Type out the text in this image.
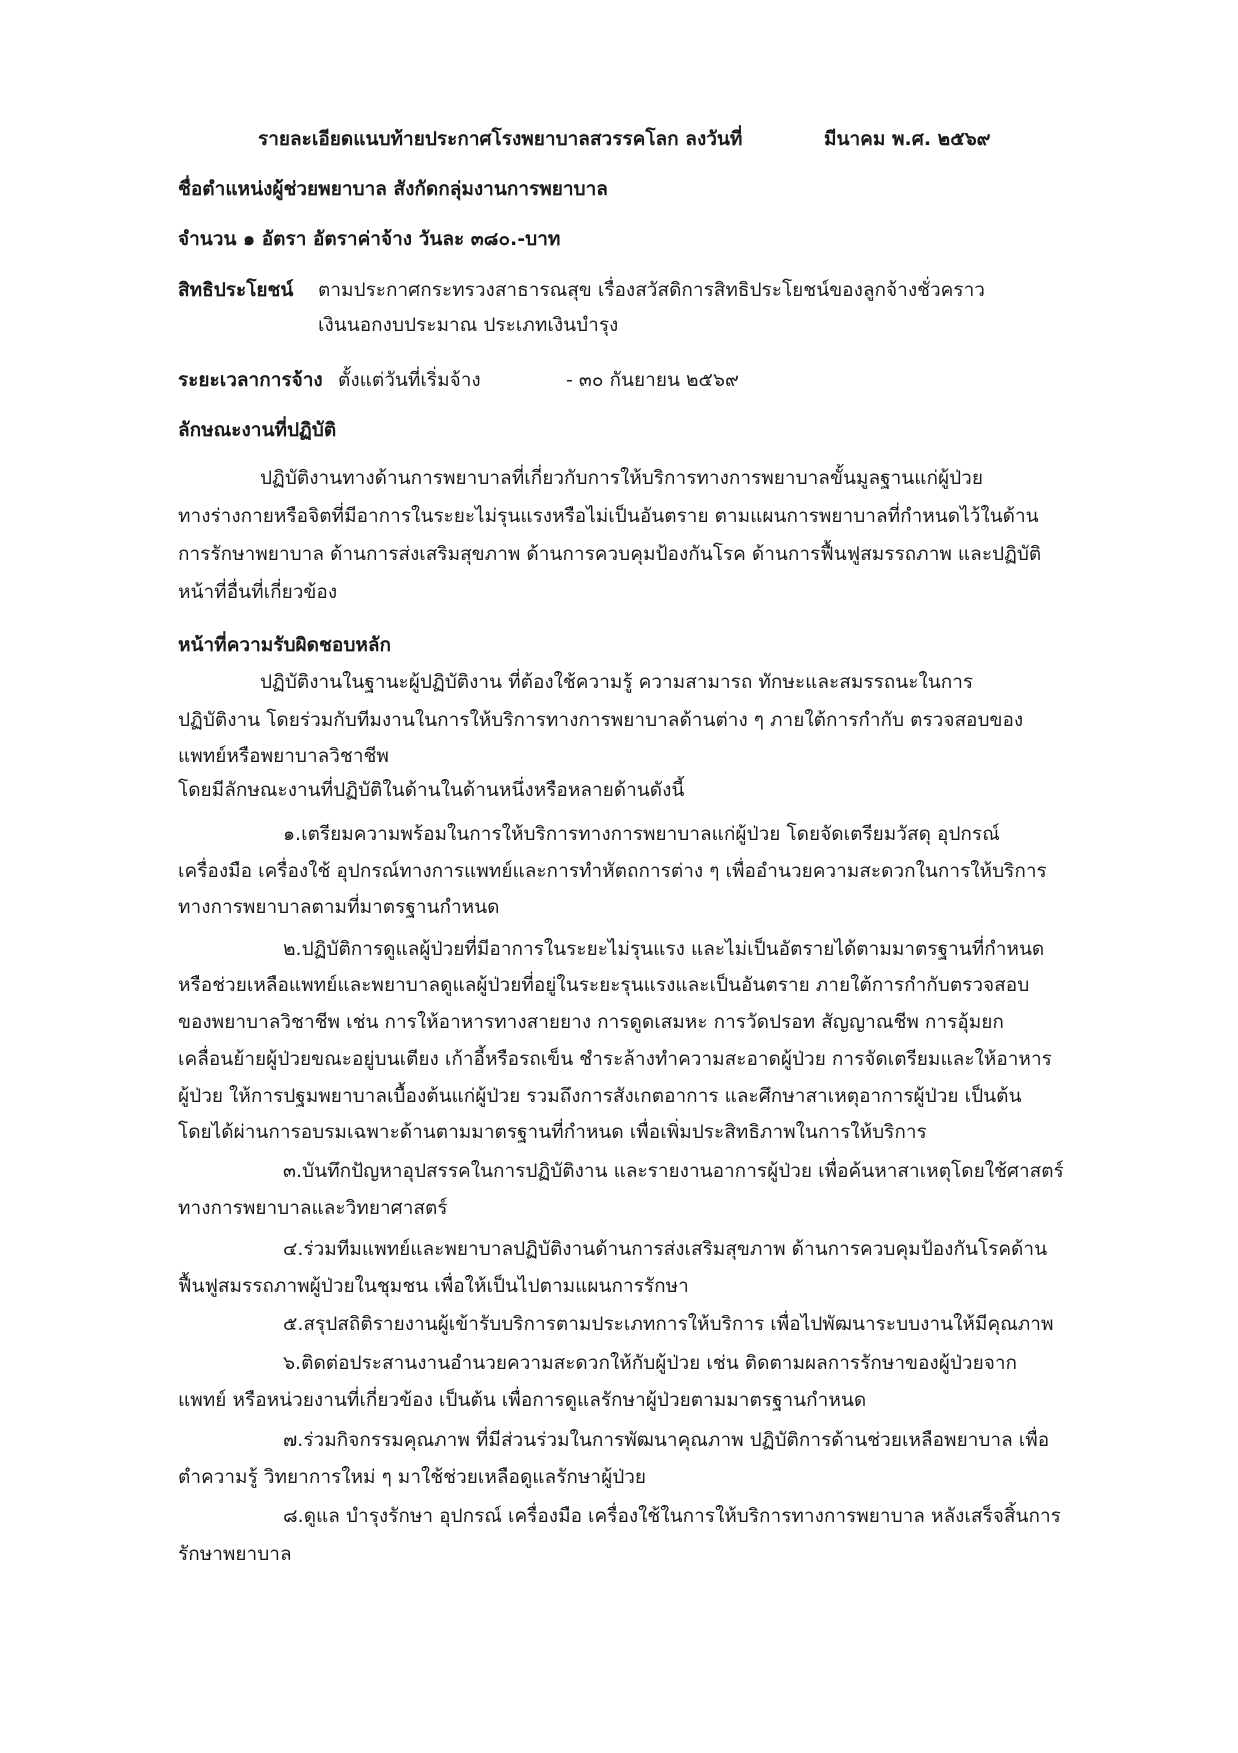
รายละเอียดแนบท้ายประกาศโรงพยาบาลสวรรคโลก ลงวันที่	มีนาคม พ.ศ. ๒๕๖๙
ชื่อตำแหน่งผู้ช่วยพยาบาล สังกัดกลุ่มงานการพยาบาล
จำนวน ๑ อัตรา อัตราค่าจ้าง วันละ ๓๘๐.-บาท
สิทธิประโยชน์ ตามประกาศกระทรวงสาธารณสุข เรื่องสวัสดิการสิทธิประโยชน์ของลูกจ้างชั่วคราว
เงินนอกงบประมาณ ประเภทเงินบำรุง
ระยะเวลาการจ้าง ตั้งแต่วันที่เริ่มจ้าง	- ๓๐ กันยายน ๒๕๖๙
ลักษณะงานที่ปฏิบัติ
ปฏิบัติงานทางด้านการพยาบาลที่เกี่ยวกับการให้บริการทางการพยาบาลขั้นมูลฐานแก่ผู้ป่วย
ทางร่างกายหรือจิตที่มีอาการในระยะไม่รุนแรงหรือไม่เป็นอันตราย ตามแผนการพยาบาลที่กำหนดไว้ในด้าน
การรักษาพยาบาล ด้านการส่งเสริมสุขภาพ ด้านการควบคุมป้องกันโรค ด้านการฟื้นฟูสมรรถภาพ และปฏิบัติ
หน้าที่อื่นที่เกี่ยวข้อง
หน้าที่ความรับผิดชอบหลัก
ปฏิบัติงานในฐานะผู้ปฏิบัติงาน ที่ต้องใช้ความรู้ ความสามารถ ทักษะและสมรรถนะในการ
ปฏิบัติงาน โดยร่วมกับทีมงานในการให้บริการทางการพยาบาลด้านต่าง ๆ ภายใต้การกำกับ ตรวจสอบของ
แพทย์หรือพยาบาลวิชาชีพ
โดยมีลักษณะงานที่ปฏิบัติในด้านในด้านหนึ่งหรือหลายด้านดังนี้
๑.เตรียมความพร้อมในการให้บริการทางการพยาบาลแก่ผู้ป่วย โดยจัดเตรียมวัสดุ อุปกรณ์
เครื่องมือ เครื่องใช้ อุปกรณ์ทางการแพทย์และการทำหัตถการต่าง ๆ เพื่ออำนวยความสะดวกในการให้บริการ
ทางการพยาบาลตามที่มาตรฐานกำหนด
๒.ปฏิบัติการดูแลผู้ป่วยที่มีอาการในระยะไม่รุนแรง และไม่เป็นอัตรายได้ตามมาตรฐานที่กำหนด
หรือช่วยเหลือแพทย์และพยาบาลดูแลผู้ป่วยที่อยู่ในระยะรุนแรงและเป็นอันตราย ภายใต้การกำกับตรวจสอบ
ของพยาบาลวิชาชีพ เช่น การให้อาหารทางสายยาง การดูดเสมหะ การวัดปรอท สัญญาณชีพ การอุ้มยก
เคลื่อนย้ายผู้ป่วยขณะอยู่บนเตียง เก้าอี้หรือรถเข็น ชำระล้างทำความสะอาดผู้ป่วย การจัดเตรียมและให้อาหาร
ผู้ป่วย ให้การปฐมพยาบาลเบื้องต้นแก่ผู้ป่วย รวมถึงการสังเกตอาการ และศึกษาสาเหตุอาการผู้ป่วย เป็นต้น
โดยได้ผ่านการอบรมเฉพาะด้านตามมาตรฐานที่กำหนด เพื่อเพิ่มประสิทธิภาพในการให้บริการ
๓.บันทึกปัญหาอุปสรรคในการปฏิบัติงาน และรายงานอาการผู้ป่วย เพื่อค้นหาสาเหตุโดยใช้ศาสตร์
ทางการพยาบาลและวิทยาศาสตร์
๔.ร่วมทีมแพทย์และพยาบาลปฏิบัติงานด้านการส่งเสริมสุขภาพ ด้านการควบคุมป้องกันโรคด้าน
ฟื้นฟูสมรรถภาพผู้ป่วยในชุมชน เพื่อให้เป็นไปตามแผนการรักษา
๕.สรุปสถิติรายงานผู้เข้ารับบริการตามประเภทการให้บริการ เพื่อไปพัฒนาระบบงานให้มีคุณภาพ
๖.ติดต่อประสานงานอำนวยความสะดวกให้กับผู้ป่วย เช่น ติดตามผลการรักษาของผู้ป่วยจาก
แพทย์ หรือหน่วยงานที่เกี่ยวข้อง เป็นต้น เพื่อการดูแลรักษาผู้ป่วยตามมาตรฐานกำหนด
๗.ร่วมกิจกรรมคุณภาพ ที่มีส่วนร่วมในการพัฒนาคุณภาพ ปฏิบัติการด้านช่วยเหลือพยาบาล เพื่อ
ตำความรู้ วิทยาการใหม่ ๆ มาใช้ช่วยเหลือดูแลรักษาผู้ป่วย
๘.ดูแล บำรุงรักษา อุปกรณ์ เครื่องมือ เครื่องใช้ในการให้บริการทางการพยาบาล หลังเสร็จสิ้นการ
รักษาพยาบาล
